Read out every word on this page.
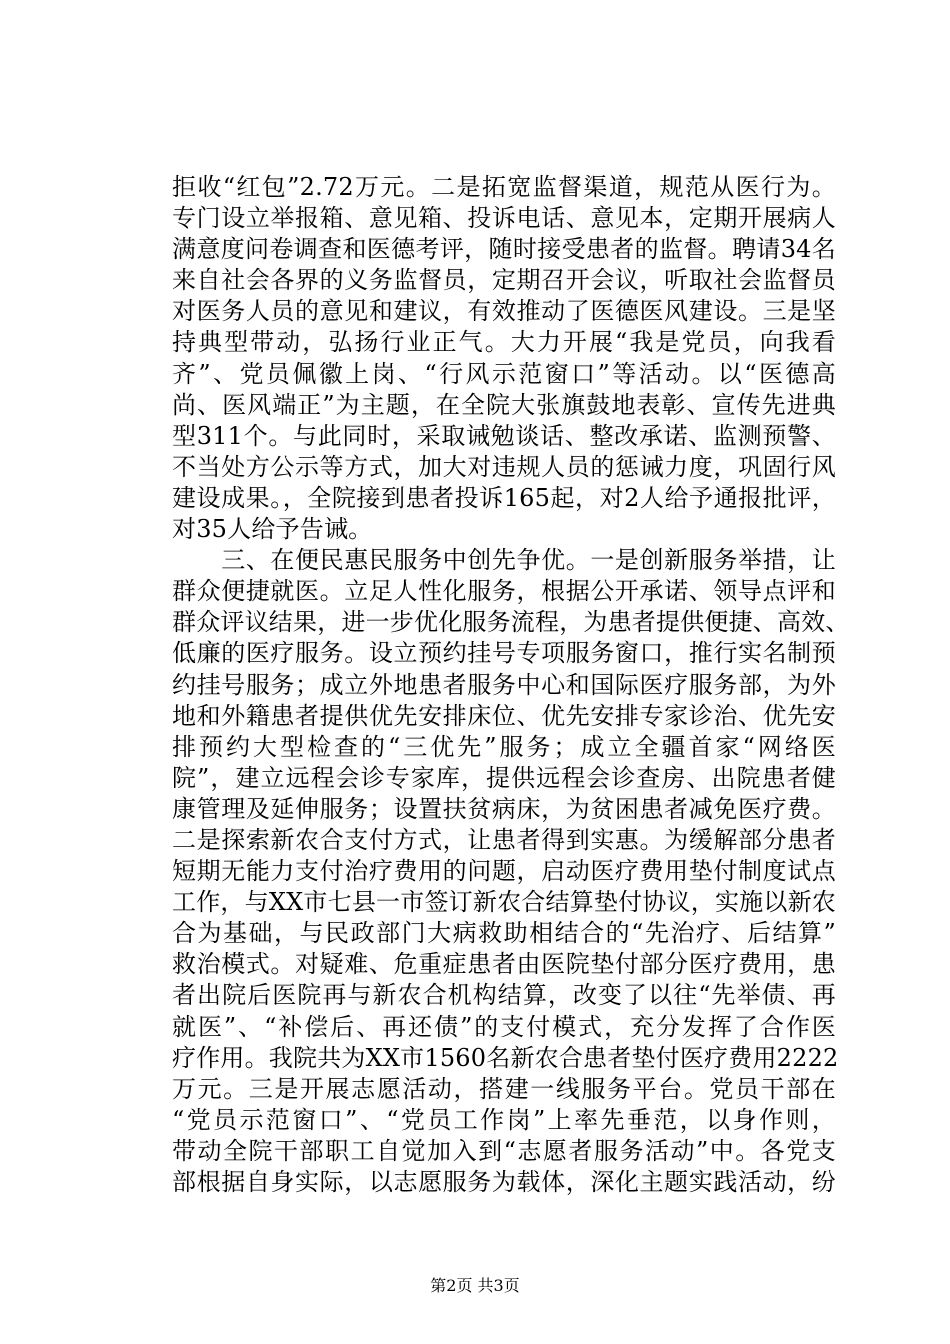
拒收“红包”2.72万元。二是拓宽监督渠道，规范从医行为。
专门设立举报箱、意见箱、投诉电话、意见本，定期开展病人
满意度问卷调查和医德考评，随时接受患者的监督。聘请34名
来自社会各界的义务监督员，定期召开会议，听取社会监督员
对医务人员的意见和建议，有效推动了医德医风建设。三是坚
持典型带动，弘扬行业正气。大力开展“我是党员，向我看
齐”、党员佩徽上岗、“行风示范窗口”等活动。以“医德高
尚、医风端正”为主题，在全院大张旗鼓地表彰、宣传先进典
型311个。与此同时，采取诫勉谈话、整改承诺、监测预警、
不当处方公示等方式，加大对违规人员的惩诫力度，巩固行风
建设成果。，全院接到患者投诉165起，对2人给予通报批评，
对35人给予告诫。
　　三、在便民惠民服务中创先争优。一是创新服务举措，让
群众便捷就医。立足人性化服务，根据公开承诺、领导点评和
群众评议结果，进一步优化服务流程，为患者提供便捷、高效、
低廉的医疗服务。设立预约挂号专项服务窗口，推行实名制预
约挂号服务；成立外地患者服务中心和国际医疗服务部，为外
地和外籍患者提供优先安排床位、优先安排专家诊治、优先安
排预约大型检查的“三优先”服务；成立全疆首家“网络医
院”，建立远程会诊专家库，提供远程会诊查房、出院患者健
康管理及延伸服务；设置扶贫病床，为贫困患者减免医疗费。
二是探索新农合支付方式，让患者得到实惠。为缓解部分患者
短期无能力支付治疗费用的问题，启动医疗费用垫付制度试点
工作，与XX市七县一市签订新农合结算垫付协议，实施以新农
合为基础，与民政部门大病救助相结合的“先治疗、后结算”
救治模式。对疑难、危重症患者由医院垫付部分医疗费用，患
者出院后医院再与新农合机构结算，改变了以往“先举债、再
就医”、“补偿后、再还债”的支付模式，充分发挥了合作医
疗作用。我院共为XX市1560名新农合患者垫付医疗费用2222
万元。三是开展志愿活动，搭建一线服务平台。党员干部在
“党员示范窗口”、“党员工作岗”上率先垂范，以身作则，
带动全院干部职工自觉加入到“志愿者服务活动”中。各党支
部根据自身实际，以志愿服务为载体，深化主题实践活动，纷
第2页 共3页
